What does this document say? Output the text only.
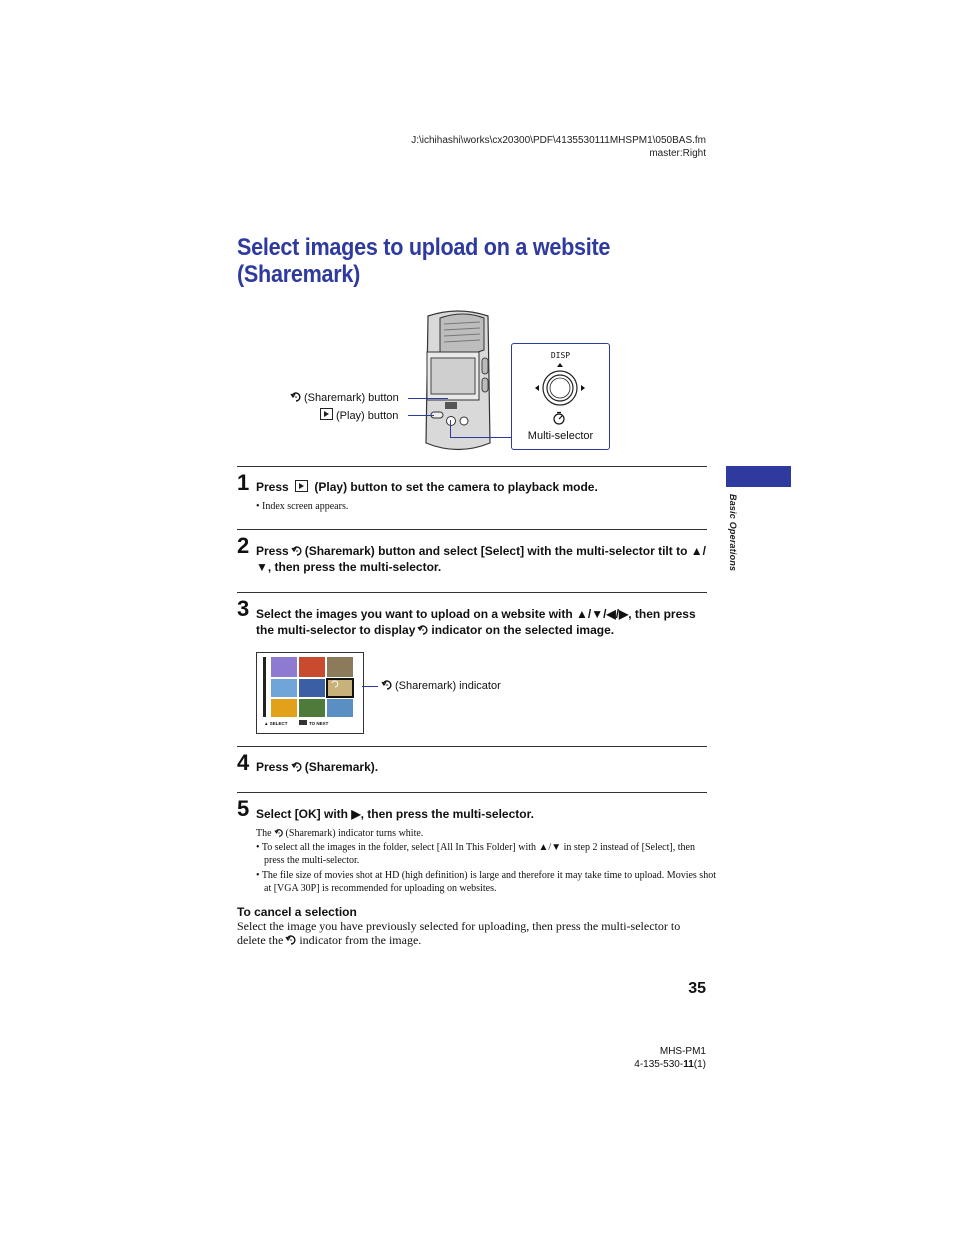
J:\ichihashi\works\cx20300\PDF\4135530111MHSPM1\050BAS.fm
master:Right
Select images to upload on a website
(Sharemark)
(Sharemark) button
(Play) button
DISP
Multi-selector
1 Press (Play) button to set the camera to playback mode.
• Index screen appears.
2 Press (Sharemark) button and select [Select] with the multi-selector tilt to ▲/▼, then press the multi-selector.
3 Select the images you want to upload on a website with ▲/▼/◀/▶, then press the multi-selector to display indicator on the selected image.
▲ SELECT	TO NEXT
(Sharemark) indicator
4 Press (Sharemark).
5 Select [OK] with ▶, then press the multi-selector.
The (Sharemark) indicator turns white.
• To select all the images in the folder, select [All In This Folder] with ▲/▼ in step 2 instead of [Select], then press the multi-selector.
• The file size of movies shot at HD (high definition) is large and therefore it may take time to upload. Movies shot at [VGA 30P] is recommended for uploading on websites.
To cancel a selection
Select the image you have previously selected for uploading, then press the multi-selector to delete the indicator from the image.
Basic Operations
35
MHS-PM1
4-135-530-11(1)
